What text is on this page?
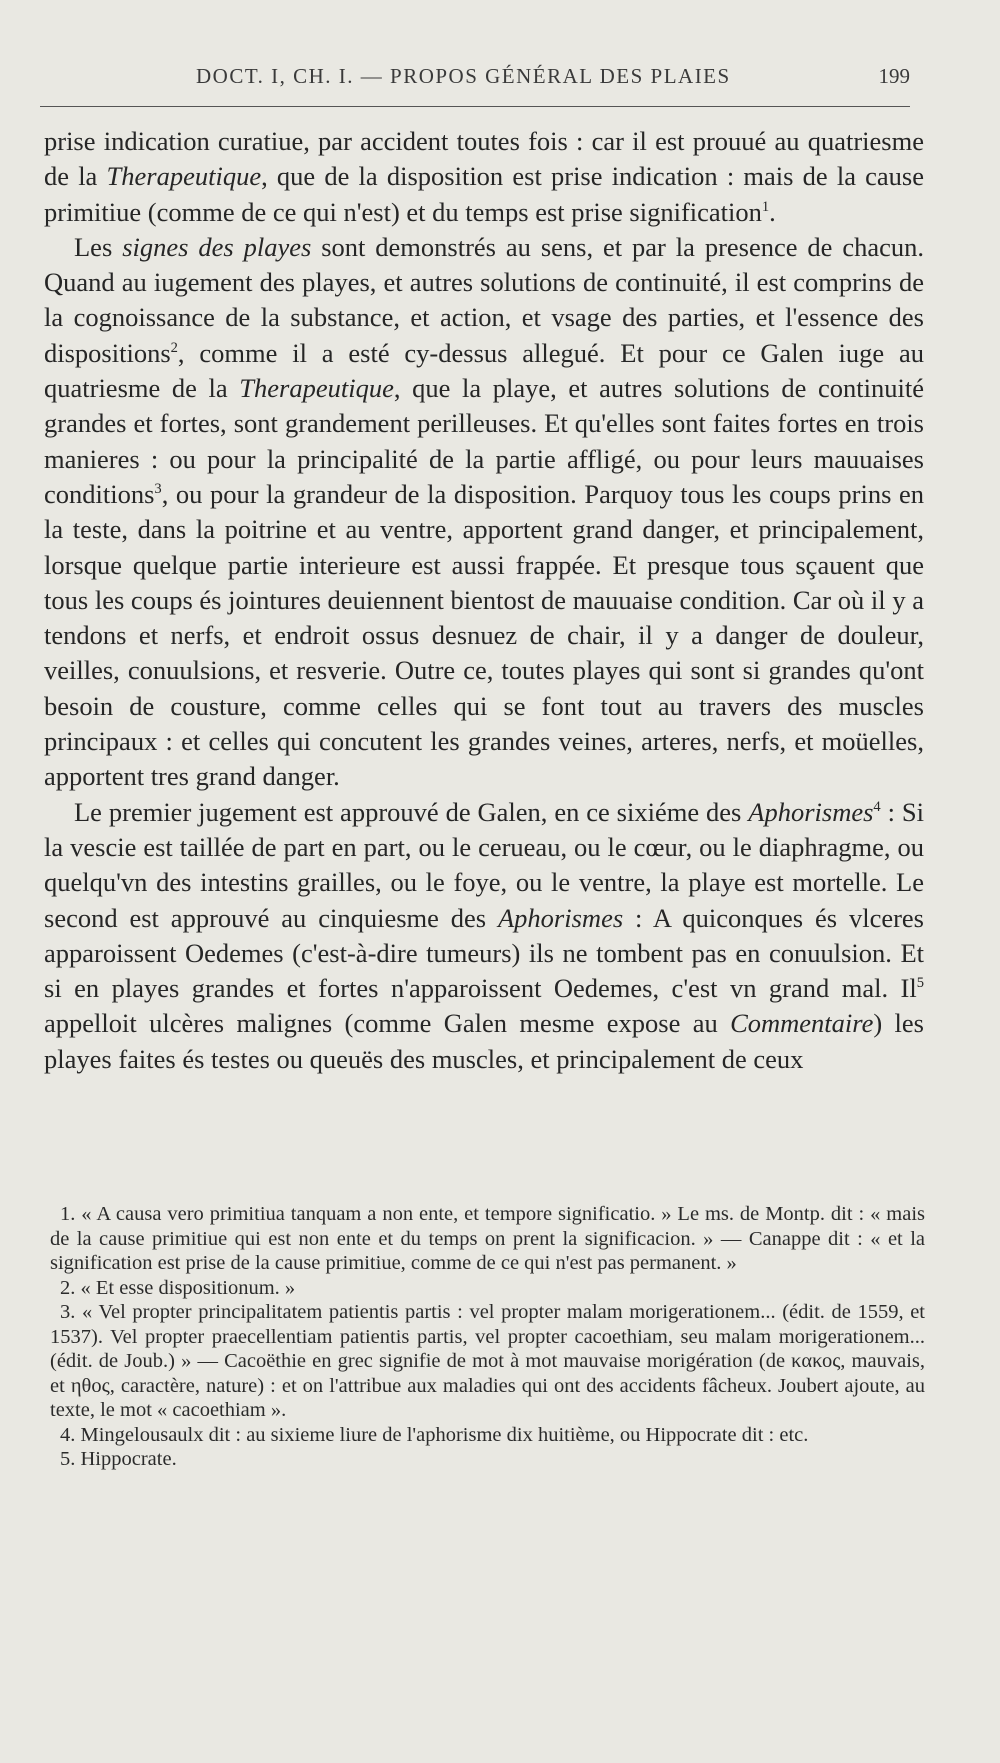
DOCT. I, CH. I. — PROPOS GÉNÉRAL DES PLAIES	199

prise indication curatiue, par accident toutes fois : car il est prouué au quatriesme de la Therapeutique, que de la disposition est prise indication : mais de la cause primitiue (comme de ce qui n'est) et du temps est prise signification$^1$.

Les signes des playes sont demonstrés au sens, et par la presence de chacun. Quand au iugement des playes, et autres solutions de continuité, il est comprins de la cognoissance de la substance, et action, et vsage des parties, et l'essence des dispositions$^2$, comme il a esté cy-dessus allegué. Et pour ce Galen iuge au quatriesme de la Therapeutique, que la playe, et autres solutions de continuité grandes et fortes, sont grandement perilleuses. Et qu'elles sont faites fortes en trois manieres : ou pour la principalité de la partie affligé, ou pour leurs mauuaises conditions$^3$, ou pour la grandeur de la disposition. Parquoy tous les coups prins en la teste, dans la poitrine et au ventre, apportent grand danger, et principalement, lorsque quelque partie interieure est aussi frappée. Et presque tous sçauent que tous les coups és jointures deuiennent bientost de mauuaise condition. Car où il y a tendons et nerfs, et endroit ossus desnuez de chair, il y a danger de douleur, veilles, conuulsions, et resverie. Outre ce, toutes playes qui sont si grandes qu'ont besoin de cousture, comme celles qui se font tout au travers des muscles principaux : et celles qui concutent les grandes veines, arteres, nerfs, et moüelles, apportent tres grand danger.

Le premier jugement est approuvé de Galen, en ce sixiéme des Aphorismes$^4$ : Si la vescie est taillée de part en part, ou le cerueau, ou le cœur, ou le diaphragme, ou quelqu'vn des intestins grailles, ou le foye, ou le ventre, la playe est mortelle. Le second est approuvé au cinquiesme des Aphorismes : A quiconques és vlceres apparoissent Oedemes (c'est-à-dire tumeurs) ils ne tombent pas en conuulsion. Et si en playes grandes et fortes n'apparoissent Oedemes, c'est vn grand mal. Il$^5$ appelloit ulcères malignes (comme Galen mesme expose au Commentaire) les playes faites és testes ou queuës des muscles, et principalement de ceux

1. « A causa vero primitiua tanquam a non ente, et tempore significatio. » Le ms. de Montp. dit : « mais de la cause primitiue qui est non ente et du temps on prent la significacion. » — Canappe dit : « et la signification est prise de la cause primitiue, comme de ce qui n'est pas permanent. »

2. « Et esse dispositionum. »

3. « Vel propter principalitatem patientis partis : vel propter malam morigerationem... (édit. de 1559, et 1537). Vel propter praecellentiam patientis partis, vel propter cacoethiam, seu malam morigerationem... (édit. de Joub.) » — Cacoëthie en grec signifie de mot à mot mauvaise morigération (de κακος, mauvais, et ηθος, caractère, nature) : et on l'attribue aux maladies qui ont des accidents fâcheux. Joubert ajoute, au texte, le mot « cacoethiam ».

4. Mingelousaulx dit : au sixieme liure de l'aphorisme dix huitième, ou Hippocrate dit : etc.

5. Hippocrate.
